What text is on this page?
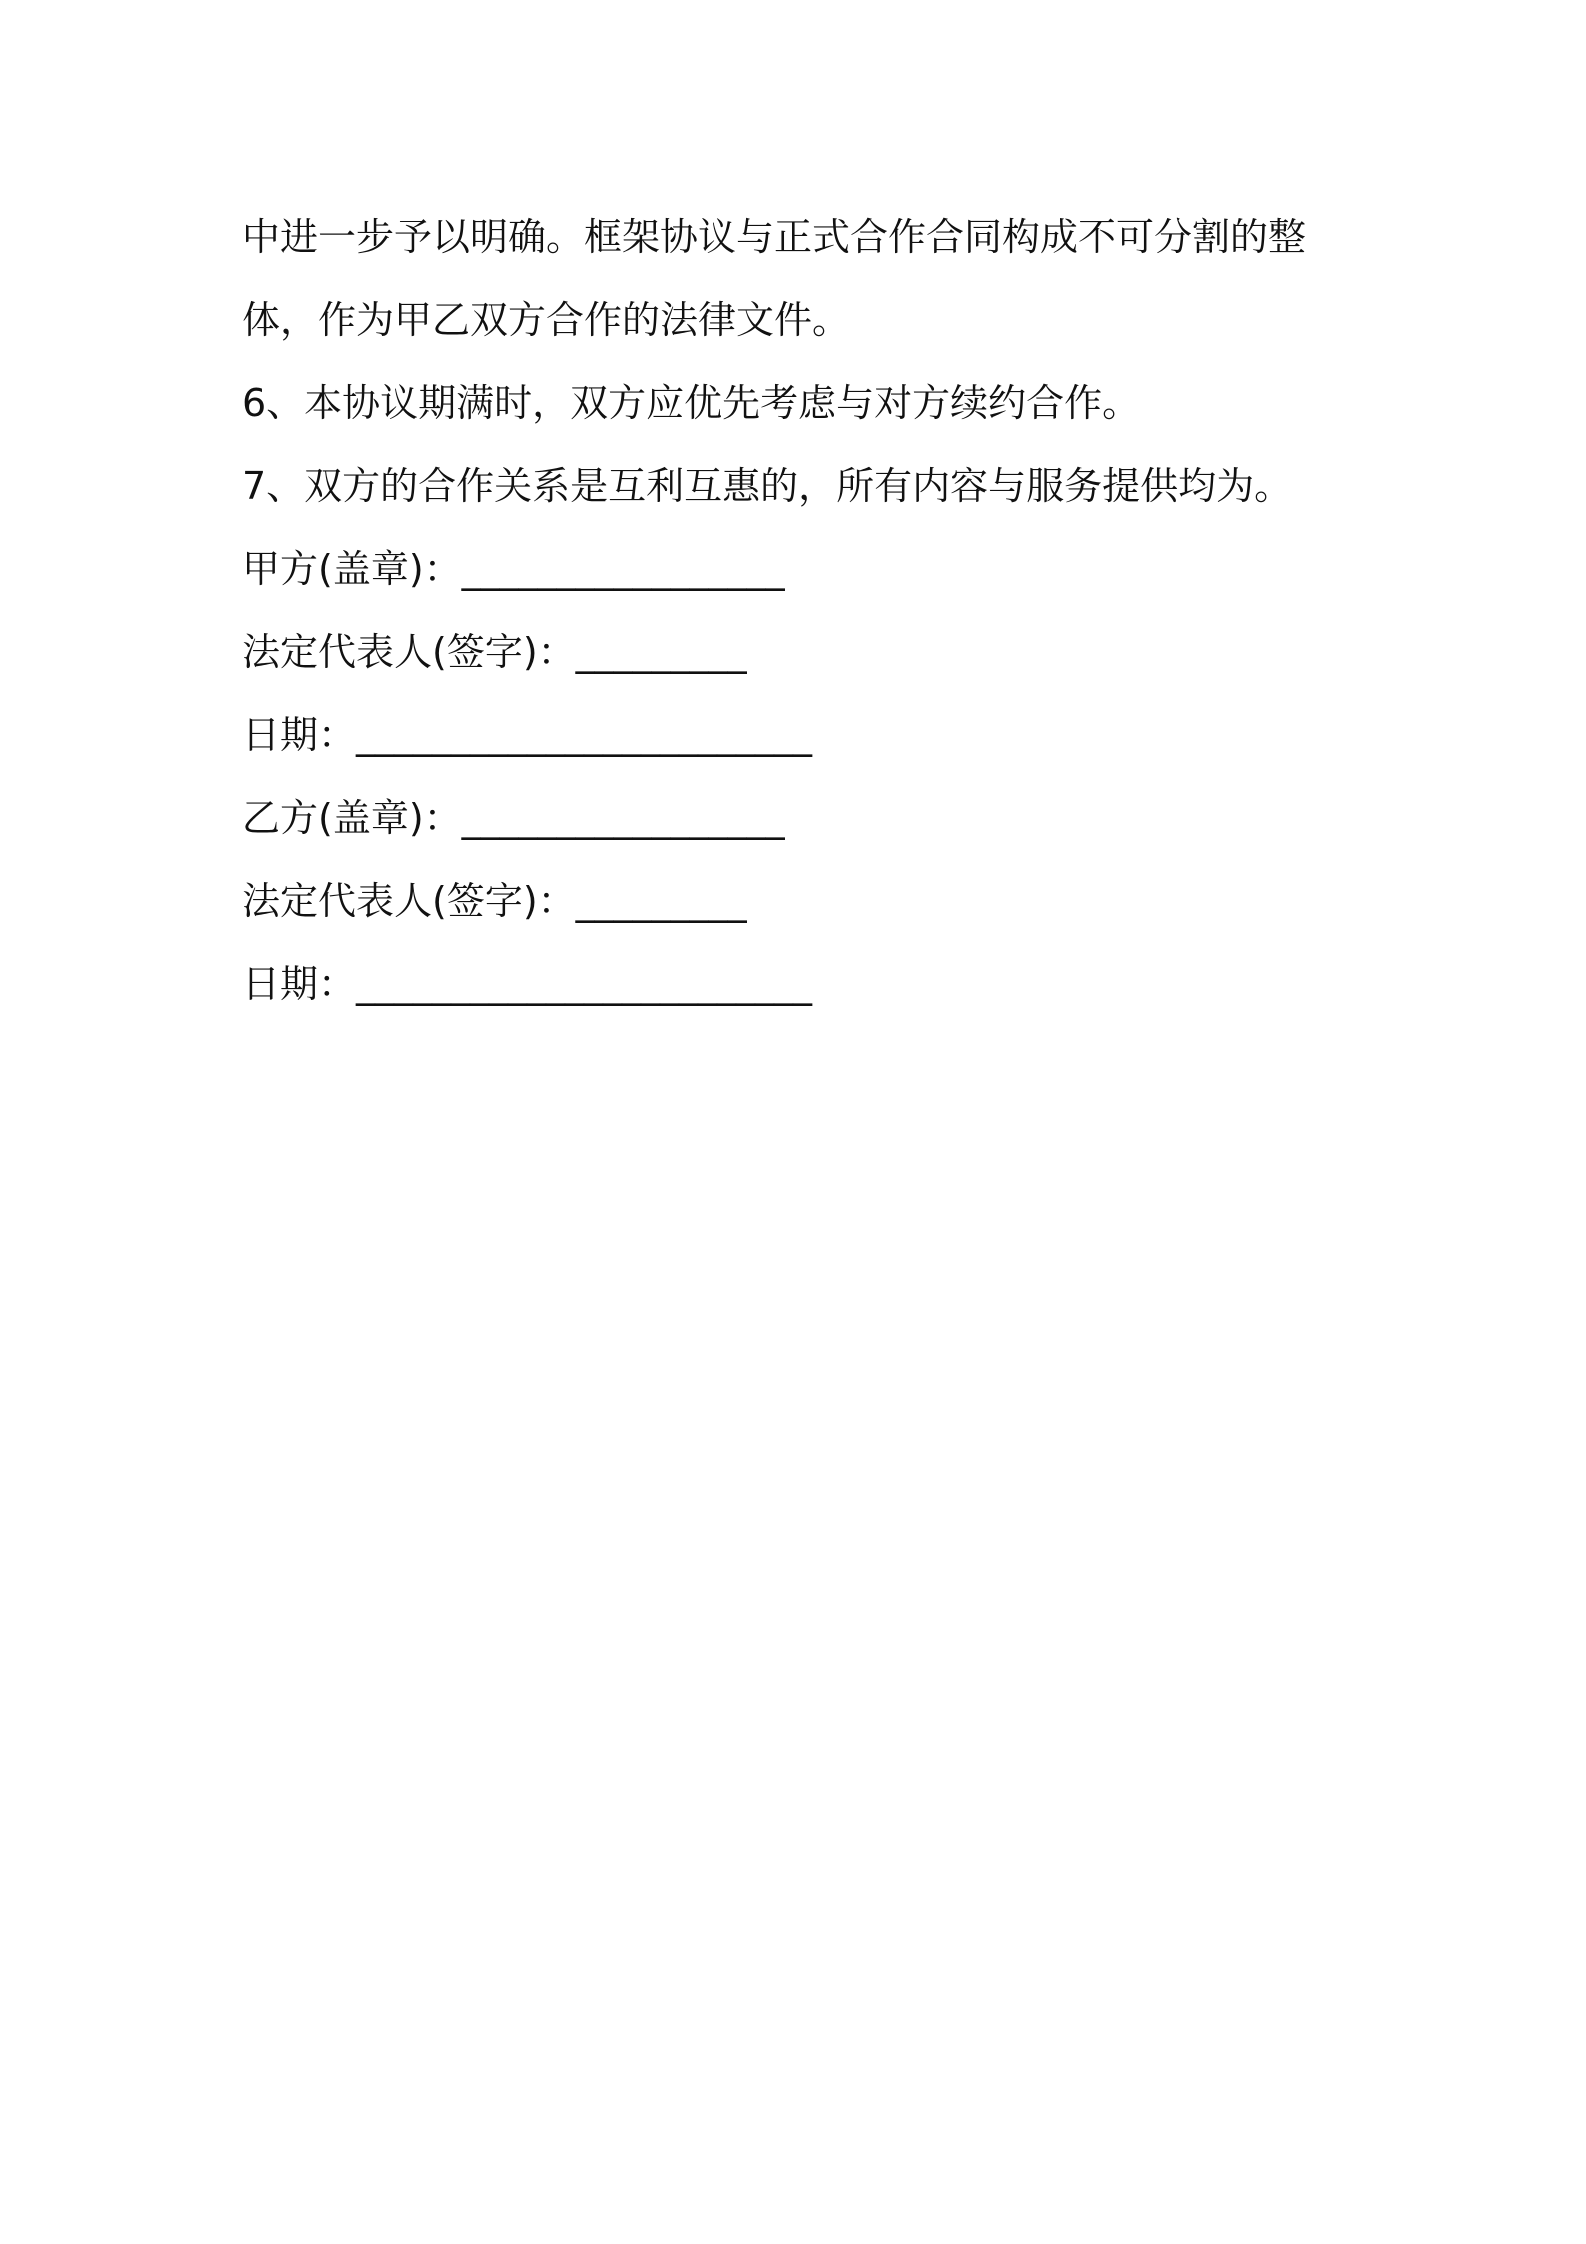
中进一步予以明确。框架协议与正式合作合同构成不可分割的整体，作为甲乙双方合作的法律文件。

6、本协议期满时，双方应优先考虑与对方续约合作。

7、双方的合作关系是互利互惠的，所有内容与服务提供均为。

甲方(盖章)：_________________

法定代表人(签字)：_________

日期：________________________

乙方(盖章)：_________________

法定代表人(签字)：_________

日期：________________________
